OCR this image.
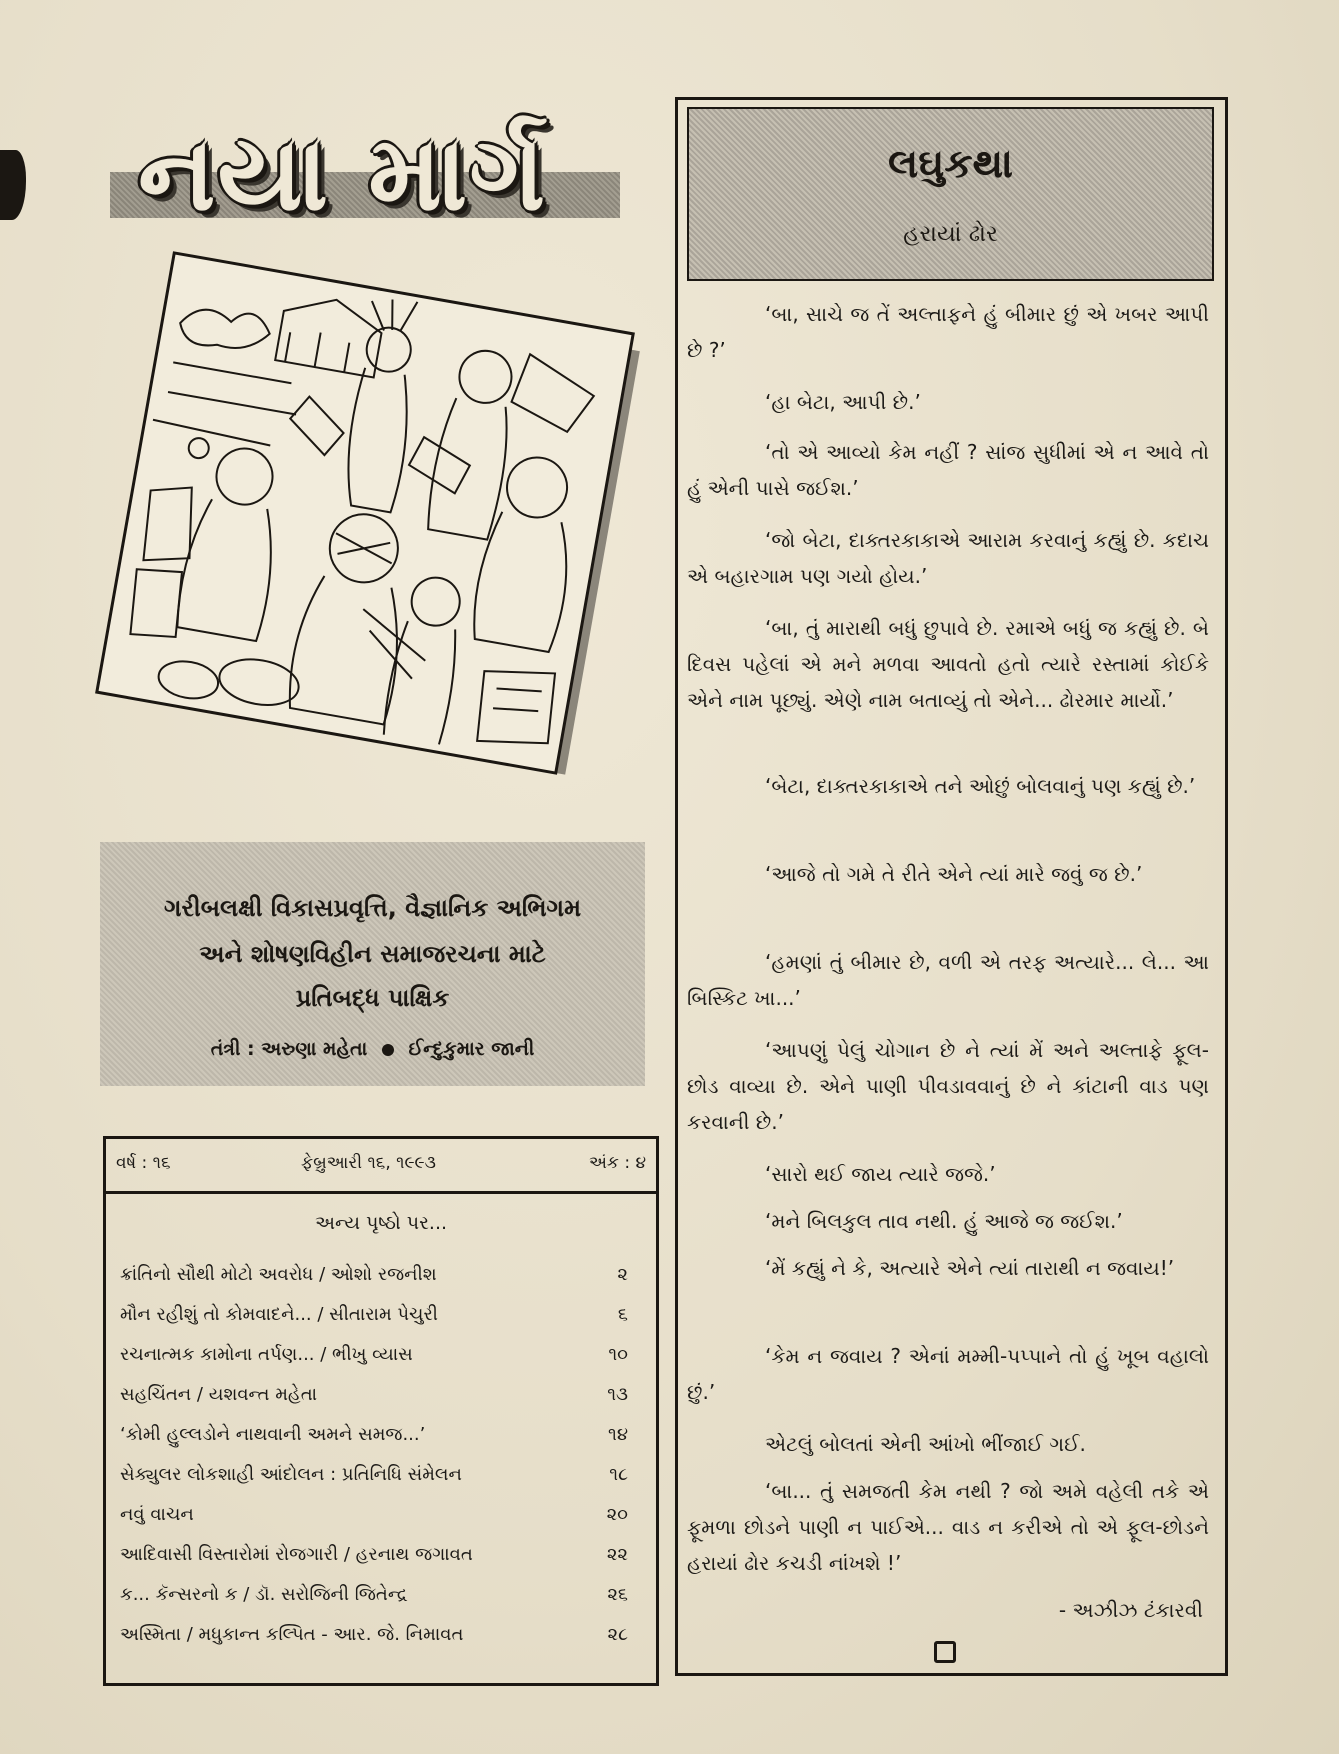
નયા માર્ગ
ગરીબલક્ષી વિકાસપ્રવૃત્તિ, વૈજ્ઞાનિક અભિગમ
અને શોષણવિહીન સમાજરચના માટે
પ્રતિબદ્ધ પાક્ષિક
તંત્રી : અરુણા મહેતા ઈન્દુકુમાર જાની
વર્ષ : ૧૬	ફેબ્રુઆરી ૧૬, ૧૯૯૩	અંક : ૪
અન્ય પૃષ્ઠો પર...
ક્રાંતિનો સૌથી મોટો અવરોધ / ઓશો રજનીશ	૨
મૌન રહીશું તો કોમવાદને... / સીતારામ પેચુરી	૬
રચનાત્મક કામોના તર્પણ... / ભીખુ વ્યાસ	૧૦
સહચિંતન / યશવન્ત મહેતા	૧૩
‘કોમી હુલ્લડોને નાથવાની અમને સમજ...’	૧૪
સેક્યુલર લોકશાહી આંદોલન : પ્રતિનિધિ સંમેલન	૧૮
નવું વાચન	૨૦
આદિવાસી વિસ્તારોમાં રોજગારી / હરનાથ જગાવત	૨૨
ક... કૅન્સરનો ક / ડૉ. સરોજિની જિતેન્દ્ર	૨૬
અસ્મિતા / મધુકાન્ત કલ્પિત - આર. જે. નિમાવત	૨૮
લઘુકથા
હરાયાં ઢોર
‘બા, સાચે જ તેં અલ્તાફને હું બીમાર છું એ ખબર આપી છે ?’
‘હા બેટા, આપી છે.’
‘તો એ આવ્યો કેમ નહીં ? સાંજ સુધીમાં એ ન આવે તો હું એની પાસે જઈશ.’
‘જો બેટા, દાક્તરકાકાએ આરામ કરવાનું કહ્યું છે. કદાચ એ બહારગામ પણ ગયો હોય.’
‘બા, તું મારાથી બધું છુપાવે છે. રમાએ બધું જ કહ્યું છે. બે દિવસ પહેલાં એ મને મળવા આવતો હતો ત્યારે રસ્તામાં કોઈકે એને નામ પૂછ્યું. એણે નામ બતાવ્યું તો એને... ઢોરમાર માર્યો.’
‘બેટા, દાક્તરકાકાએ તને ઓછું બોલવાનું પણ કહ્યું છે.’
‘આજે તો ગમે તે રીતે એને ત્યાં મારે જવું જ છે.’
‘હમણાં તું બીમાર છે, વળી એ તરફ અત્યારે... લે... આ બિસ્કિટ ખા...’
‘આપણું પેલું ચોગાન છે ને ત્યાં મેં અને અલ્તાફે ફૂલ-છોડ વાવ્યા છે. એને પાણી પીવડાવવાનું છે ને કાંટાની વાડ પણ કરવાની છે.’
‘સારો થઈ જાય ત્યારે જજે.’
‘મને બિલકુલ તાવ નથી. હું આજે જ જઈશ.’
‘મેં કહ્યું ને કે, અત્યારે એને ત્યાં તારાથી ન જવાય!’
‘કેમ ન જવાય ? એનાં મમ્મી-પપ્પાને તો હું ખૂબ વહાલો છું.’
એટલું બોલતાં એની આંખો ભીંજાઈ ગઈ.
‘બા... તું સમજતી કેમ નથી ? જો અમે વહેલી તકે એ ફૂમળા છોડને પાણી ન પાઈએ... વાડ ન કરીએ તો એ ફૂલ-છોડને હરાયાં ઢોર કચડી નાંખશે !’
- અઝીઝ ટંકારવી
